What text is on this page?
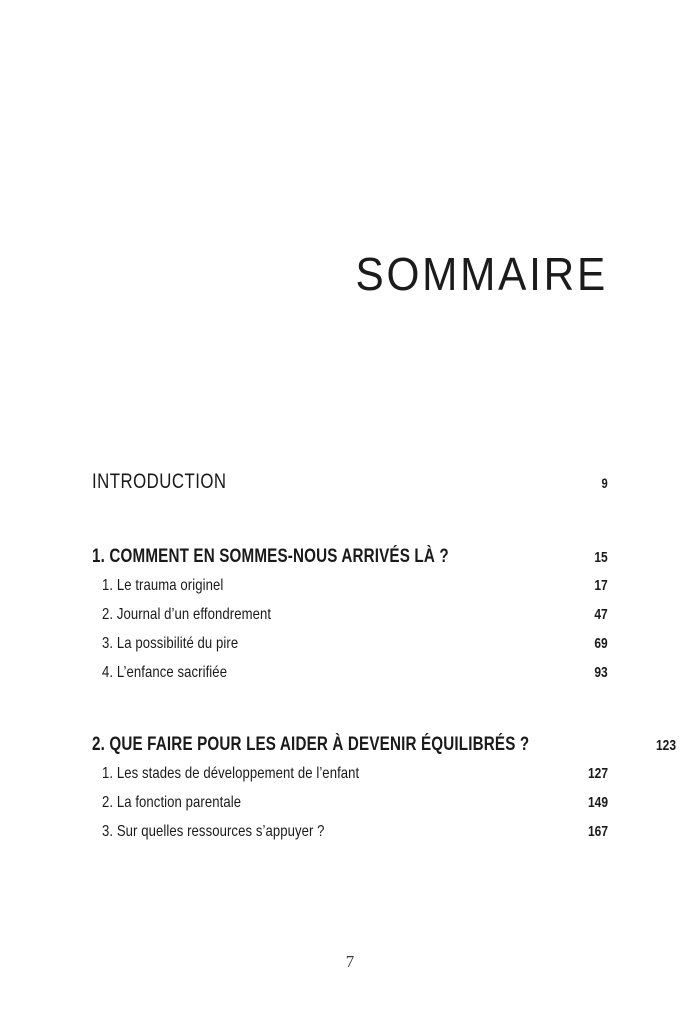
SOMMAIRE
INTRODUCTION	9
1. COMMENT EN SOMMES-NOUS ARRIVÉS LÀ ?	15
1. Le trauma originel	17
2. Journal d’un effondrement	47
3. La possibilité du pire	69
4. L’enfance sacrifiée	93
2. QUE FAIRE POUR LES AIDER À DEVENIR ÉQUILIBRÉS ?	123
1. Les stades de développement de l’enfant	127
2. La fonction parentale	149
3. Sur quelles ressources s’appuyer ?	167
7
